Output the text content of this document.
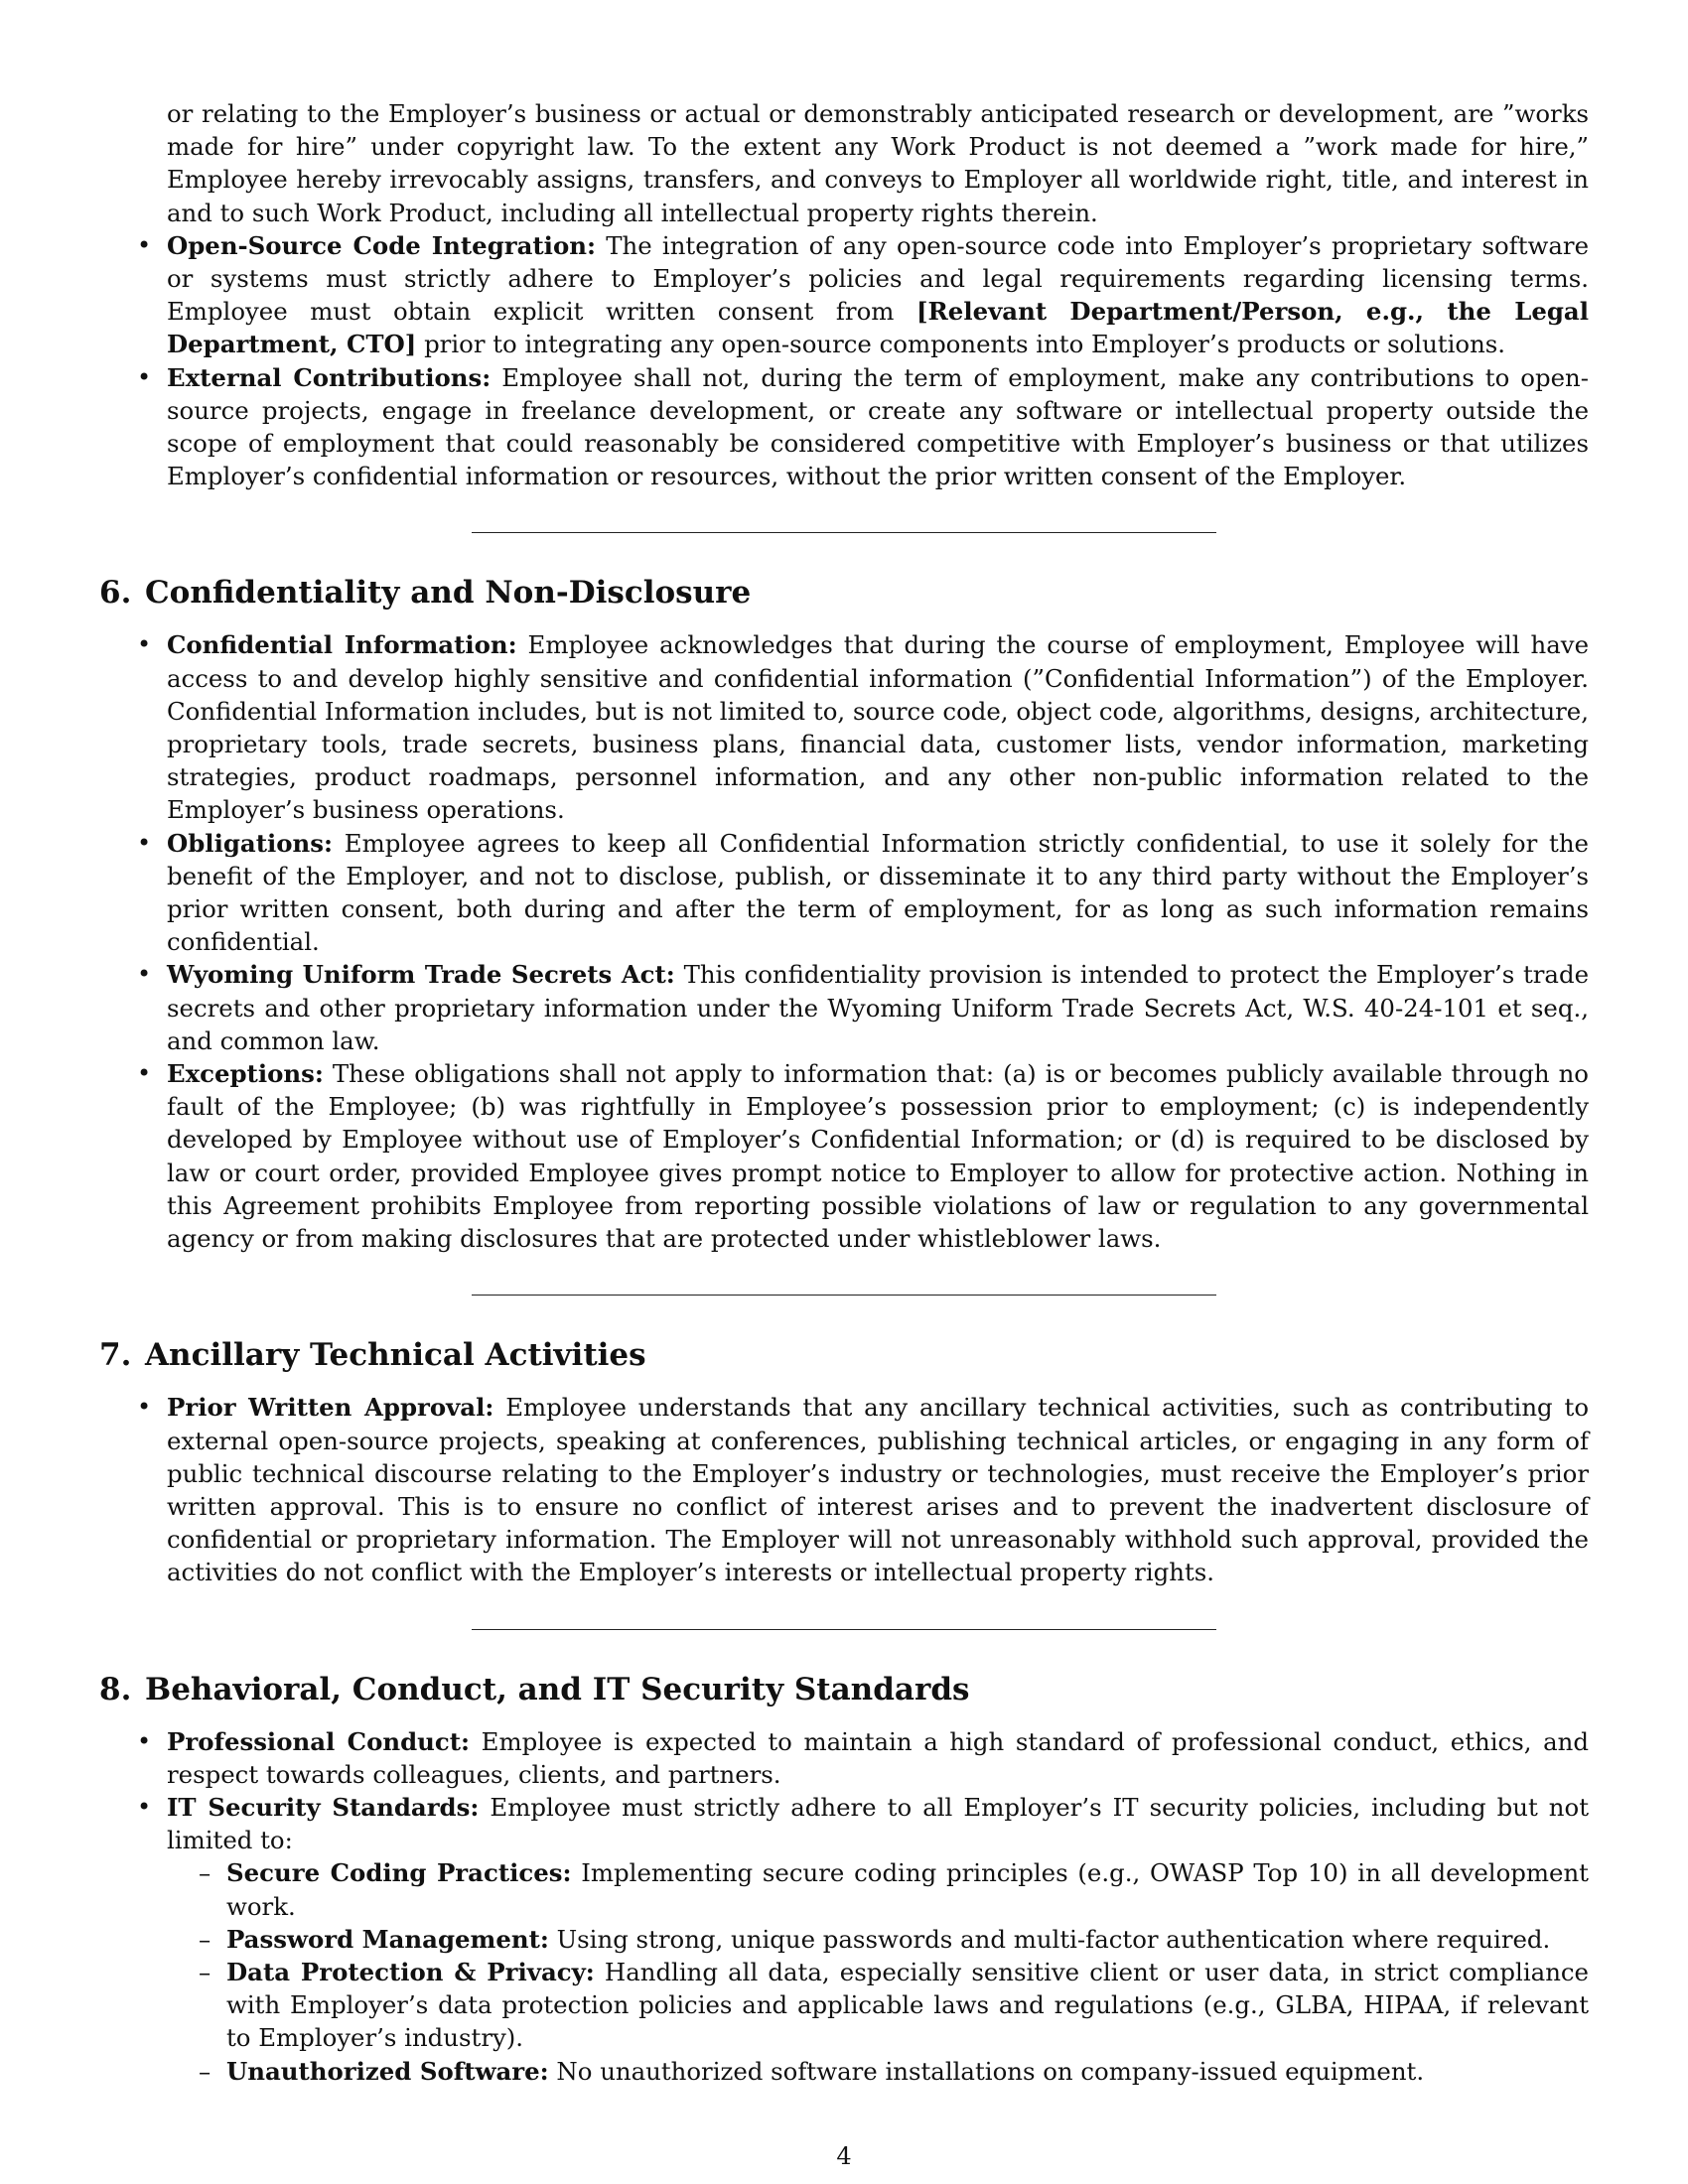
or relating to the Employer’s business or actual or demonstrably anticipated research or development, are ”works made for hire” under copyright law. To the extent any Work Product is not deemed a ”work made for hire,” Employee hereby irrevocably assigns, transfers, and conveys to Employer all worldwide right, title, and interest in and to such Work Product, including all intellectual property rights therein.
• Open-Source Code Integration: The integration of any open-source code into Employer’s proprietary software or systems must strictly adhere to Employer’s policies and legal requirements regarding licensing terms. Employee must obtain explicit written consent from [Relevant Department/Person, e.g., the Legal Department, CTO] prior to integrating any open-source components into Employer’s products or solutions.
• External Contributions: Employee shall not, during the term of employment, make any contributions to open-source projects, engage in freelance development, or create any software or intellectual property outside the scope of employment that could reasonably be considered competitive with Employer’s business or that utilizes Employer’s confidential information or resources, without the prior written consent of the Employer.
6. Confidentiality and Non-Disclosure
• Confidential Information: Employee acknowledges that during the course of employment, Employee will have access to and develop highly sensitive and confidential information (”Confidential Information”) of the Employer. Confidential Information includes, but is not limited to, source code, object code, algorithms, designs, architecture, proprietary tools, trade secrets, business plans, financial data, customer lists, vendor information, marketing strategies, product roadmaps, personnel information, and any other non-public information related to the Employer’s business operations.
• Obligations: Employee agrees to keep all Confidential Information strictly confidential, to use it solely for the benefit of the Employer, and not to disclose, publish, or disseminate it to any third party without the Employer’s prior written consent, both during and after the term of employment, for as long as such information remains confidential.
• Wyoming Uniform Trade Secrets Act: This confidentiality provision is intended to protect the Employer’s trade secrets and other proprietary information under the Wyoming Uniform Trade Secrets Act, W.S. 40-24-101 et seq., and common law.
• Exceptions: These obligations shall not apply to information that: (a) is or becomes publicly available through no fault of the Employee; (b) was rightfully in Employee’s possession prior to employment; (c) is independently developed by Employee without use of Employer’s Confidential Information; or (d) is required to be disclosed by law or court order, provided Employee gives prompt notice to Employer to allow for protective action. Nothing in this Agreement prohibits Employee from reporting possible violations of law or regulation to any governmental agency or from making disclosures that are protected under whistleblower laws.
7. Ancillary Technical Activities
• Prior Written Approval: Employee understands that any ancillary technical activities, such as contributing to external open-source projects, speaking at conferences, publishing technical articles, or engaging in any form of public technical discourse relating to the Employer’s industry or technologies, must receive the Employer’s prior written approval. This is to ensure no conflict of interest arises and to prevent the inadvertent disclosure of confidential or proprietary information. The Employer will not unreasonably withhold such approval, provided the activities do not conflict with the Employer’s interests or intellectual property rights.
8. Behavioral, Conduct, and IT Security Standards
• Professional Conduct: Employee is expected to maintain a high standard of professional conduct, ethics, and respect towards colleagues, clients, and partners.
• IT Security Standards: Employee must strictly adhere to all Employer’s IT security policies, including but not limited to:
– Secure Coding Practices: Implementing secure coding principles (e.g., OWASP Top 10) in all development work.
– Password Management: Using strong, unique passwords and multi-factor authentication where required.
– Data Protection & Privacy: Handling all data, especially sensitive client or user data, in strict compliance with Employer’s data protection policies and applicable laws and regulations (e.g., GLBA, HIPAA, if relevant to Employer’s industry).
– Unauthorized Software: No unauthorized software installations on company-issued equipment.
4
